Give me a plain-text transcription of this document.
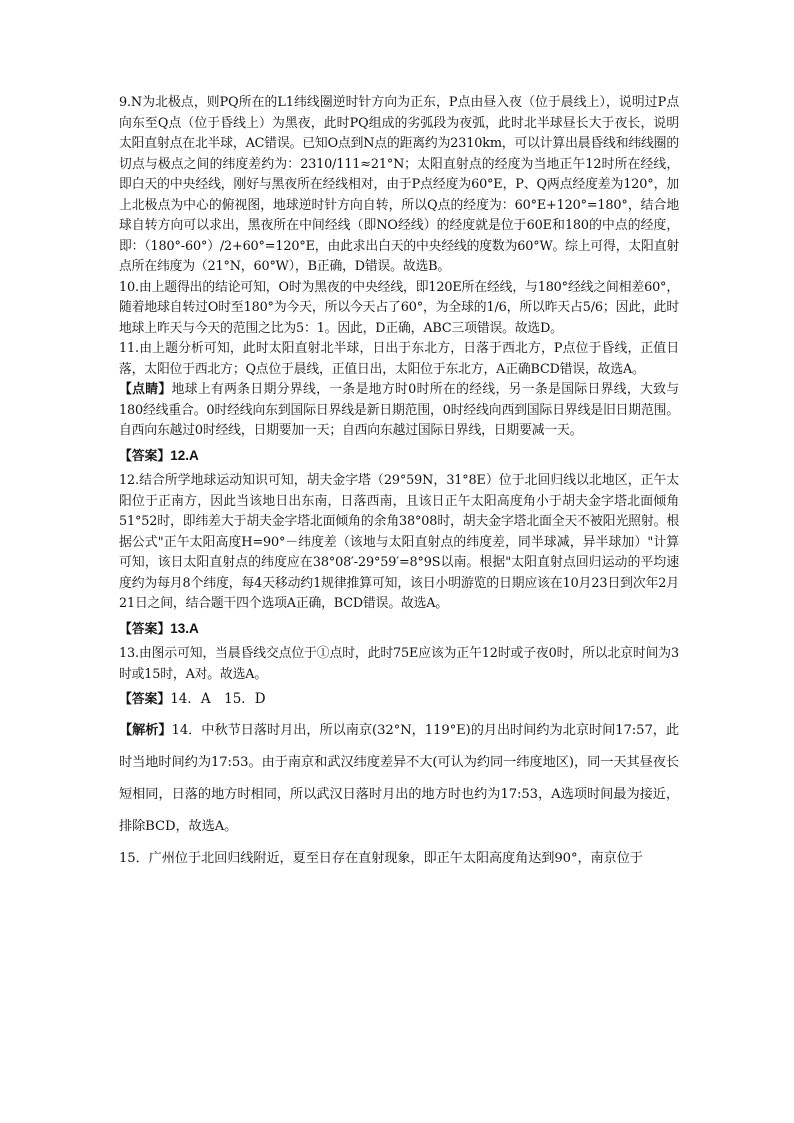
9.N为北极点，则PQ所在的L1纬线圈逆时针方向为正东，P点由昼入夜（位于晨线上），说明过P点向东至Q点（位于昏线上）为黑夜，此时PQ组成的劣弧段为夜弧，此时北半球昼长大于夜长，说明太阳直射点在北半球，AC错误。已知O点到N点的距离约为2310km，可以计算出晨昏线和纬线圈的切点与极点之间的纬度差约为：2310/111≈21°N；太阳直射点的经度为当地正午12时所在经线，即白天的中央经线，刚好与黑夜所在经线相对，由于P点经度为60°E，P、Q两点经度差为120°，加上北极点为中心的俯视图，地球逆时针方向自转，所以Q点的经度为：60°E+120°=180°，结合地球自转方向可以求出，黑夜所在中间经线（即NO经线）的经度就是位于60E和180的中点的经度，即：（180°-60°）/2+60°=120°E，由此求出白天的中央经线的度数为60°W。综上可得，太阳直射点所在纬度为（21°N，60°W），B正确，D错误。故选B。

10.由上题得出的结论可知，O时为黑夜的中央经线，即120E所在经线，与180°经线之间相差60°，随着地球自转过O时至180°为今天，所以今天占了60°，为全球的1/6，所以昨天占5/6；因此，此时地球上昨天与今天的范围之比为5：1。因此，D正确，ABC三项错误。故选D。

11.由上题分析可知，此时太阳直射北半球，日出于东北方，日落于西北方，P点位于昏线，正值日落，太阳位于西北方；Q点位于晨线，正值日出，太阳位于东北方，A正确BCD错误，故选A。

【点睛】地球上有两条日期分界线，一条是地方时0时所在的经线，另一条是国际日界线，大致与180经线重合。0时经线向东到国际日界线是新日期范围，0时经线向西到国际日界线是旧日期范围。自西向东越过0时经线，日期要加一天；自西向东越过国际日界线，日期要减一天。

【答案】12.A

12.结合所学地球运动知识可知，胡夫金字塔（29°59N，31°8E）位于北回归线以北地区，正午太阳位于正南方，因此当该地日出东南，日落西南，且该日正午太阳高度角小于胡夫金字塔北面倾角51°52时，即纬差大于胡夫金字塔北面倾角的余角38°08时，胡夫金字塔北面全天不被阳光照射。根据公式"正午太阳高度H=90°－纬度差（该地与太阳直射点的纬度差，同半球减，异半球加）"计算可知，该日太阳直射点的纬度应在38°08′-29°59′=8°9S以南。根据"太阳直射点回归运动的平均速度约为每月8个纬度，每4天移动约1规律推算可知，该日小明游览的日期应该在10月23日到次年2月21日之间，结合题干四个选项A正确，BCD错误。故选A。

【答案】13.A

13.由图示可知，当晨昏线交点位于①点时，此时75E应该为正午12时或子夜0时，所以北京时间为3时或15时，A对。故选A。

【答案】14．A　15．D

【解析】14．中秋节日落时月出，所以南京(32°N，119°E)的月出时间约为北京时间17:57，此时当地时间约为17:53。由于南京和武汉纬度差异不大(可认为约同一纬度地区)，同一天其昼夜长短相同，日落的地方时相同，所以武汉日落时月出的地方时也约为17:53，A选项时间最为接近，排除BCD，故选A。

15．广州位于北回归线附近，夏至日存在直射现象，即正午太阳高度角达到90°，南京位于
